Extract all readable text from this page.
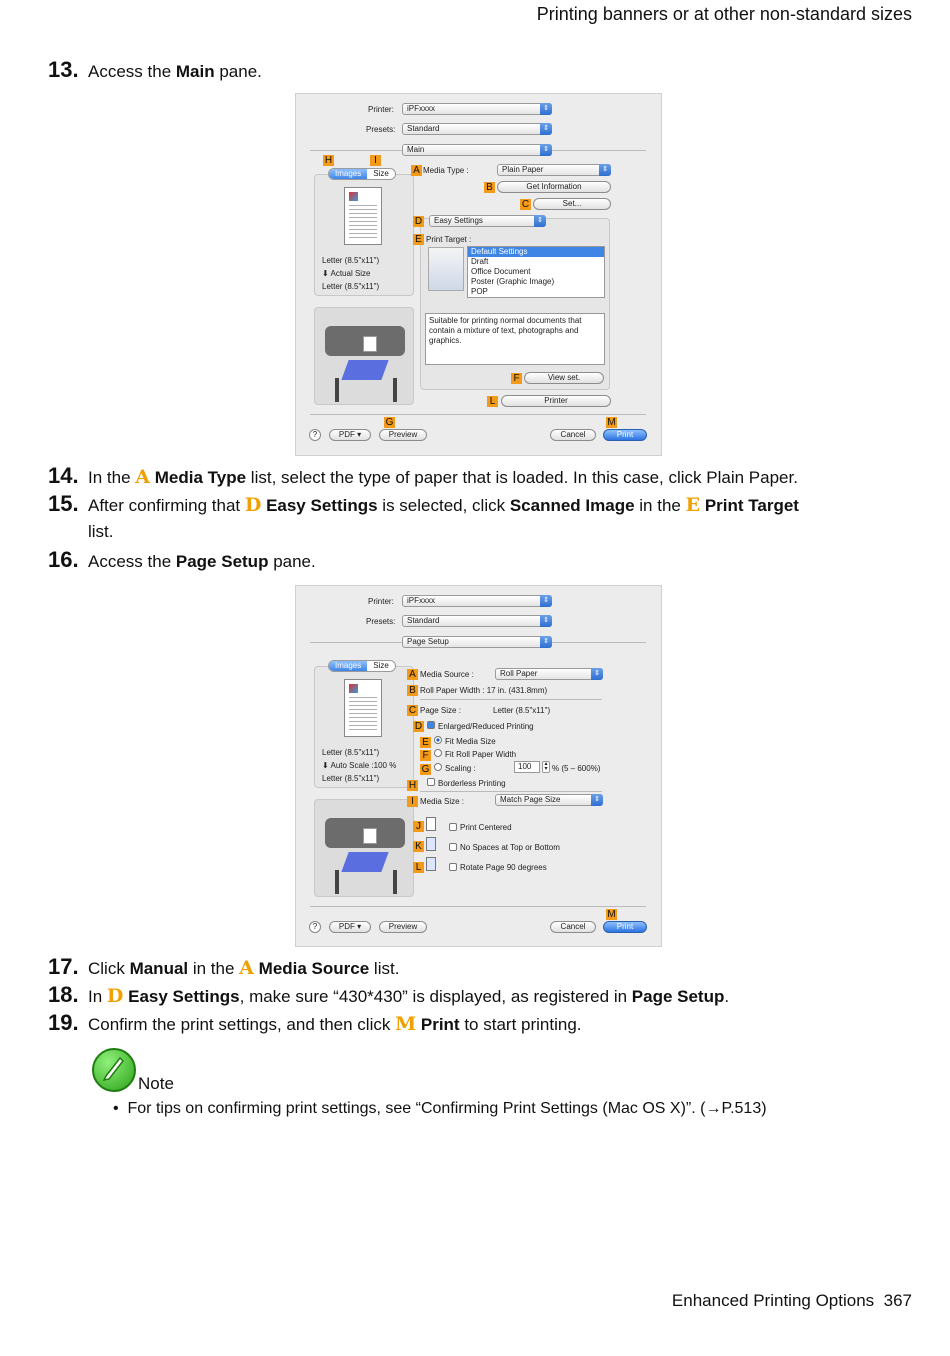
Printing banners or at other non-standard sizes
13. Access the Main pane.
Printer:	iPFxxxx	⇕
Presets:	Standard	⇕
Main	⇕
H	I
Images	Size
Letter (8.5"x11")
⬇ Actual Size
Letter (8.5"x11")
A Media Type :	Plain Paper	⇕
B	Get Information
C	Set...
D	Easy Settings	⇕
E Print Target :
Default Settings
Draft
Office Document
Poster (Graphic Image)
POP
Suitable for printing normal documents that contain a mixture of text, photographs and graphics.
F	View set.
L	Printer
G	M
?	PDF ▾	Preview	Cancel	Print
14. In the A Media Type list, select the type of paper that is loaded. In this case, click Plain Paper.
15. After confirming that D Easy Settings is selected, click Scanned Image in the E Print Target
list.
16. Access the Page Setup pane.
Printer:	iPFxxxx	⇕
Presets:	Standard	⇕
Page Setup	⇕
Images	Size
Letter (8.5"x11")
⬇ Auto Scale :100 %
Letter (8.5"x11")
A Media Source :	Roll Paper	⇕
B Roll Paper Width : 17 in. (431.8mm)
C Page Size :	Letter (8.5"x11")
D Enlarged/Reduced Printing
E Fit Media Size
F	Fit Roll Paper Width
G Scaling :	100	▴
▾ % (5 – 600%)
H	Borderless Printing
I Media Size :	Match Page Size	⇕
J	Print Centered
K	No Spaces at Top or Bottom
L	Rotate Page 90 degrees
M
?	PDF ▾	Preview	Cancel	Print
17. Click Manual in the A Media Source list.
18. In D Easy Settings, make sure “430*430” is displayed, as registered in Page Setup.
19. Confirm the print settings, and then click M Print to start printing.
Note
• For tips on confirming print settings, see “Confirming Print Settings (Mac OS X)”. (→P.513)
Enhanced Printing Options 367
